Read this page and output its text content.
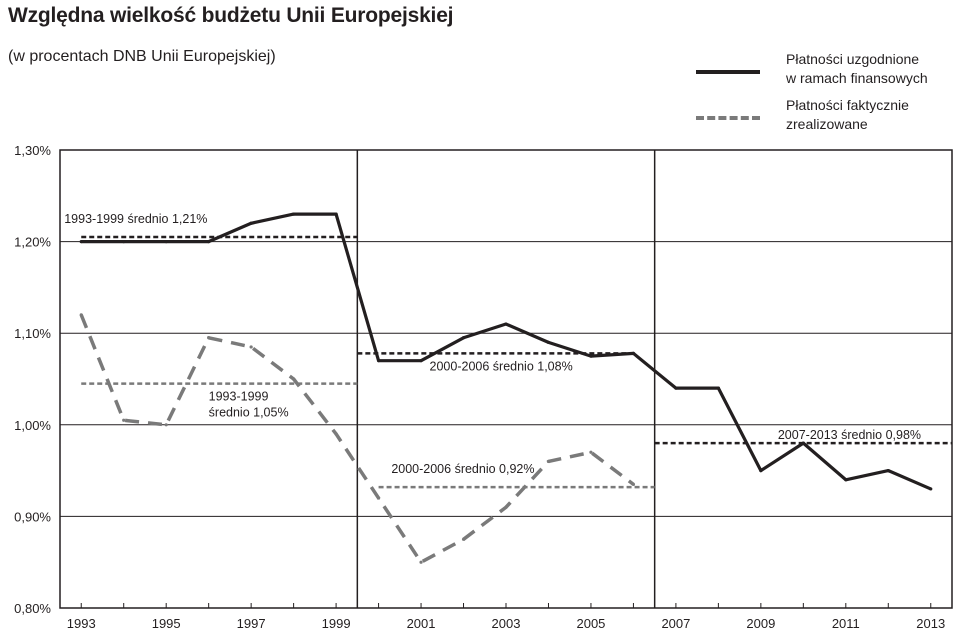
Względna wielkość budżetu Unii Europejskiej
(w procentach DNB Unii Europejskiej)	Płatności uzgodnione
w ramach finansowych
Płatności faktycznie
zrealizowane
0,80%
0,90%
1,00%
1,10%
1,20%
1,30%
1993	1995	1997	1999	2001	2003	2005	2007	2009	2011	2013
1993-1999 średnio 1,21%
1993-1999
średnio 1,05%
2000-2006 średnio 1,08%
2000-2006 średnio 0,92%
2007-2013 średnio 0,98%
